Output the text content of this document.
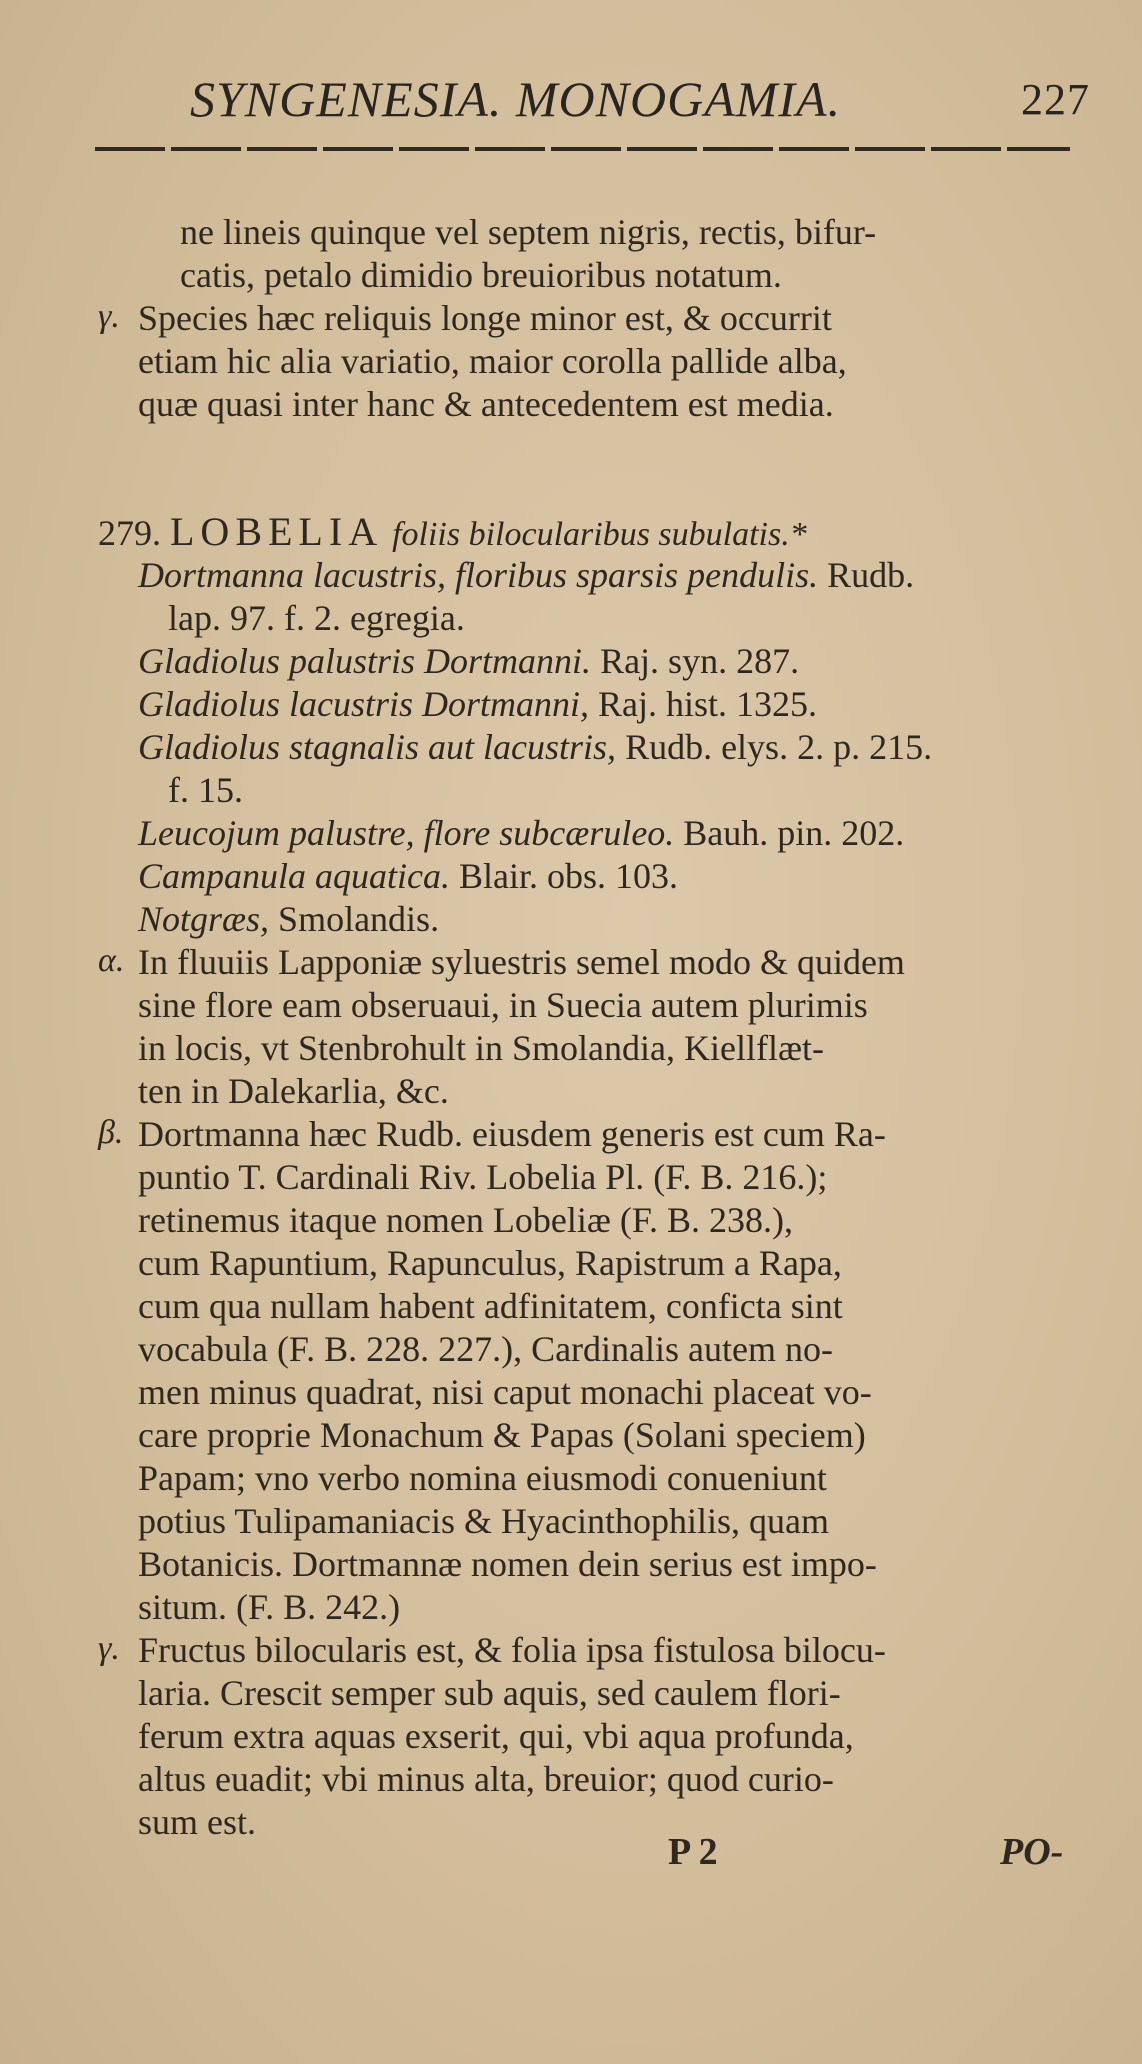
SYNGENESIA. MONOGAMIA.	227
ne lineis quinque vel septem nigris, rectis, bifur-
catis, petalo dimidio breuioribus notatum.
γ. Species hæc reliquis longe minor est, & occurrit
etiam hic alia variatio, maior corolla pallide alba,
quæ quasi inter hanc & antecedentem est media.
279. LOBELIA foliis bilocularibus subulatis.*
Dortmanna lacustris, floribus sparsis pendulis. Rudb.
lap. 97. f. 2. egregia.
Gladiolus palustris Dortmanni. Raj. syn. 287.
Gladiolus lacustris Dortmanni, Raj. hist. 1325.
Gladiolus stagnalis aut lacustris, Rudb. elys. 2. p. 215.
f. 15.
Leucojum palustre, flore subcæruleo. Bauh. pin. 202.
Campanula aquatica. Blair. obs. 103.
Notgræs, Smolandis.
α. In fluuiis Lapponiæ syluestris semel modo & quidem
sine flore eam obseruaui, in Suecia autem plurimis
in locis, vt Stenbrohult in Smolandia, Kiellflæt-
ten in Dalekarlia, &c.
β. Dortmanna hæc Rudb. eiusdem generis est cum Ra-
puntio T. Cardinali Riv. Lobelia Pl. (F. B. 216.);
retinemus itaque nomen Lobeliæ (F. B. 238.),
cum Rapuntium, Rapunculus, Rapistrum a Rapa,
cum qua nullam habent adfinitatem, conficta sint
vocabula (F. B. 228. 227.), Cardinalis autem no-
men minus quadrat, nisi caput monachi placeat vo-
care proprie Monachum & Papas (Solani speciem)
Papam; vno verbo nomina eiusmodi conueniunt
potius Tulipamaniacis & Hyacinthophilis, quam
Botanicis. Dortmannæ nomen dein serius est impo-
situm. (F. B. 242.)
γ. Fructus bilocularis est, & folia ipsa fistulosa bilocu-
laria. Crescit semper sub aquis, sed caulem flori-
ferum extra aquas exserit, qui, vbi aqua profunda,
altus euadit; vbi minus alta, breuior; quod curio-
sum est.
P 2	PO-
